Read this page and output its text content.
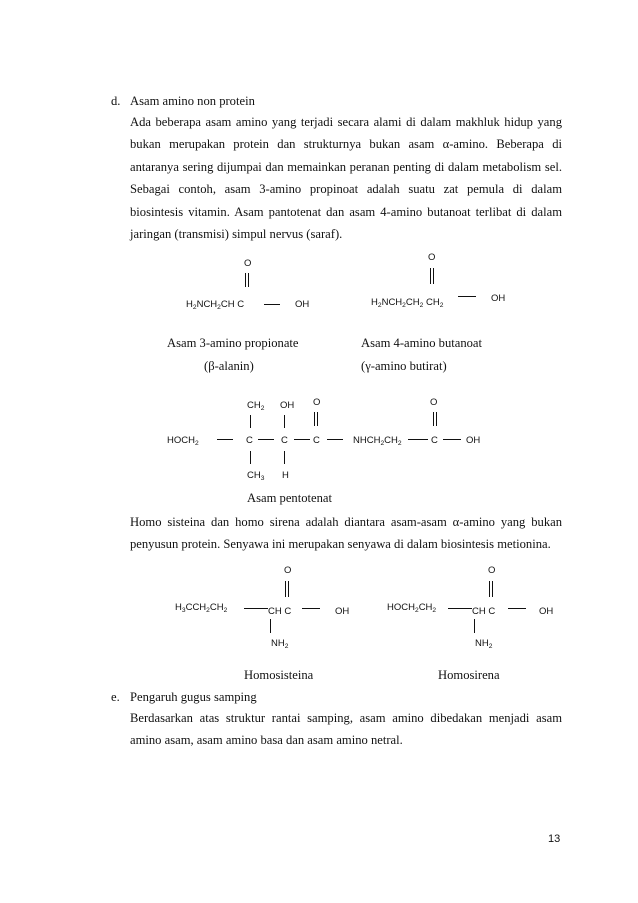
d. Asam amino non protein
Ada beberapa asam amino yang terjadi secara alami di dalam makhluk hidup yang bukan merupakan protein dan strukturnya bukan asam α-amino. Beberapa di antaranya sering dijumpai dan memainkan peranan penting di dalam metabolism sel. Sebagai contoh, asam 3-amino propinoat adalah suatu zat pemula di dalam biosintesis vitamin. Asam pantotenat dan asam 4-amino butanoat terlibat di dalam jaringan (transmisi) simpul nervus (saraf).
O
$H_2NCH_2CH$ C	OH
Asam 3-amino propionate
(β-alanin)
O
$H_2NCH_2CH_2$ $CH_2$
OH
Asam 4-amino butanoat
(γ-amino butirat)
$CH_2$ OH O	O
$HOCH_2$	C	C	C	$NHCH_2CH_2$	C	OH
$CH_3$ H
Asam pentotenat
Homo sisteina dan homo sirena adalah diantara asam-asam α-amino yang bukan penyusun protein. Senyawa ini merupakan senyawa di dalam biosintesis metionina.
O
$H_3CCH_2CH_2$	CH C	OH
$NH_2$
Homosisteina
O
$HOCH_2CH_2$	CH C	OH
$NH_2$
Homosirena
e. Pengaruh gugus samping
Berdasarkan atas struktur rantai samping, asam amino dibedakan menjadi asam amino asam, asam amino basa dan asam amino netral.
13
